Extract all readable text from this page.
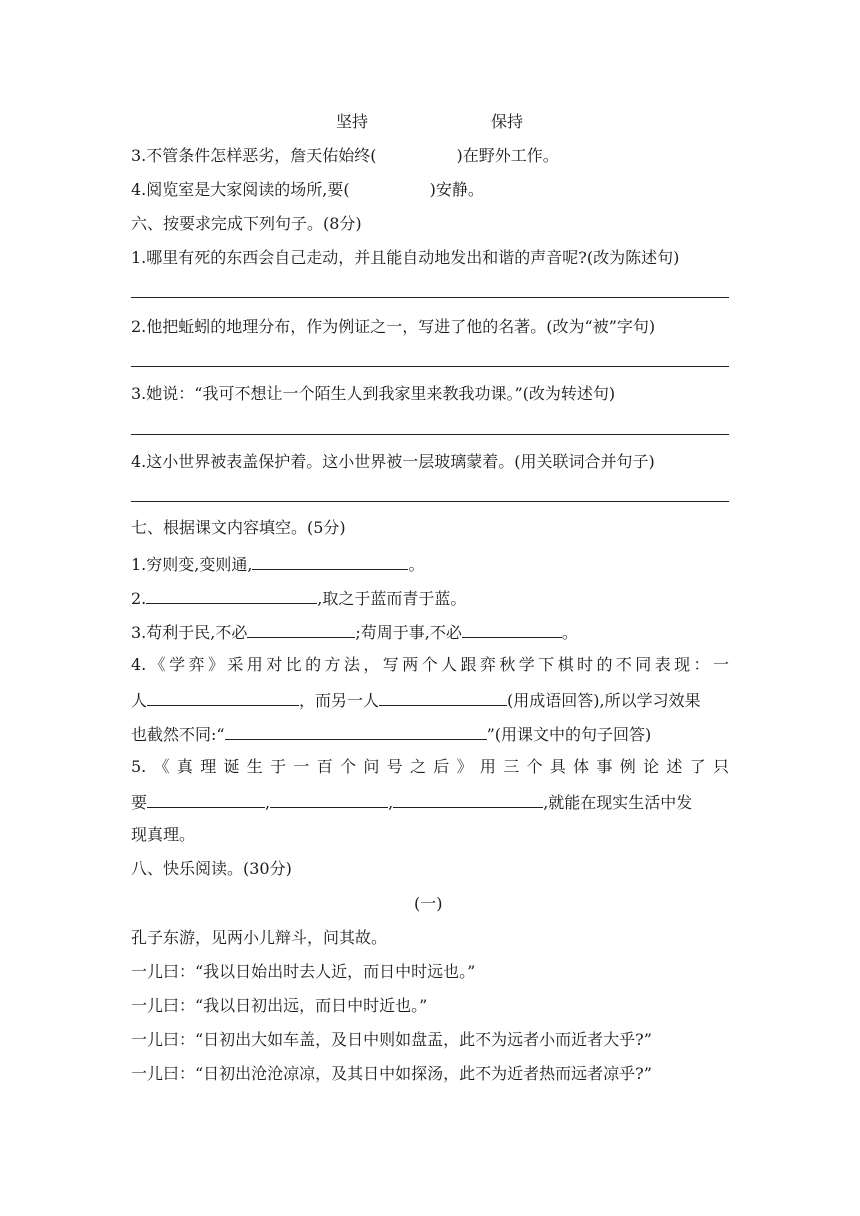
坚持	保持
3.不管条件怎样恶劣，詹天佑始终(	)在野外工作。
4.阅览室是大家阅读的场所,要(	)安静。
六、按要求完成下列句子。(8分)
1.哪里有死的东西会自己走动，并且能自动地发出和谐的声音呢?(改为陈述句)
2.他把蚯蚓的地理分布，作为例证之一，写进了他的名著。(改为“被”字句)
3.她说：“我可不想让一个陌生人到我家里来教我功课。”(改为转述句)
4.这小世界被表盖保护着。这小世界被一层玻璃蒙着。(用关联词合并句子)
七、根据课文内容填空。(5分)
1.穷则变,变则通,	。
2.	,取之于蓝而青于蓝。
3.苟利于民,不必	;苟周于事,不必	。
4.《学弈》采用对比的方法，写两个人跟弈秋学下棋时的不同表现：一
人	，而另一人	(用成语回答),所以学习效果
也截然不同:“	”(用课文中的句子回答)
5.《真理诞生于一百个问号之后》用三个具体事例论述了只
要	,	,	,就能在现实生活中发
现真理。
八、快乐阅读。(30分)
(一)
孔子东游，见两小儿辩斗，问其故。
一儿曰：“我以日始出时去人近，而日中时远也。”
一儿曰：“我以日初出远，而日中时近也。”
一儿曰：“日初出大如车盖，及日中则如盘盂，此不为远者小而近者大乎?”
一儿曰：“日初出沧沧凉凉，及其日中如探汤，此不为近者热而远者凉乎?”
